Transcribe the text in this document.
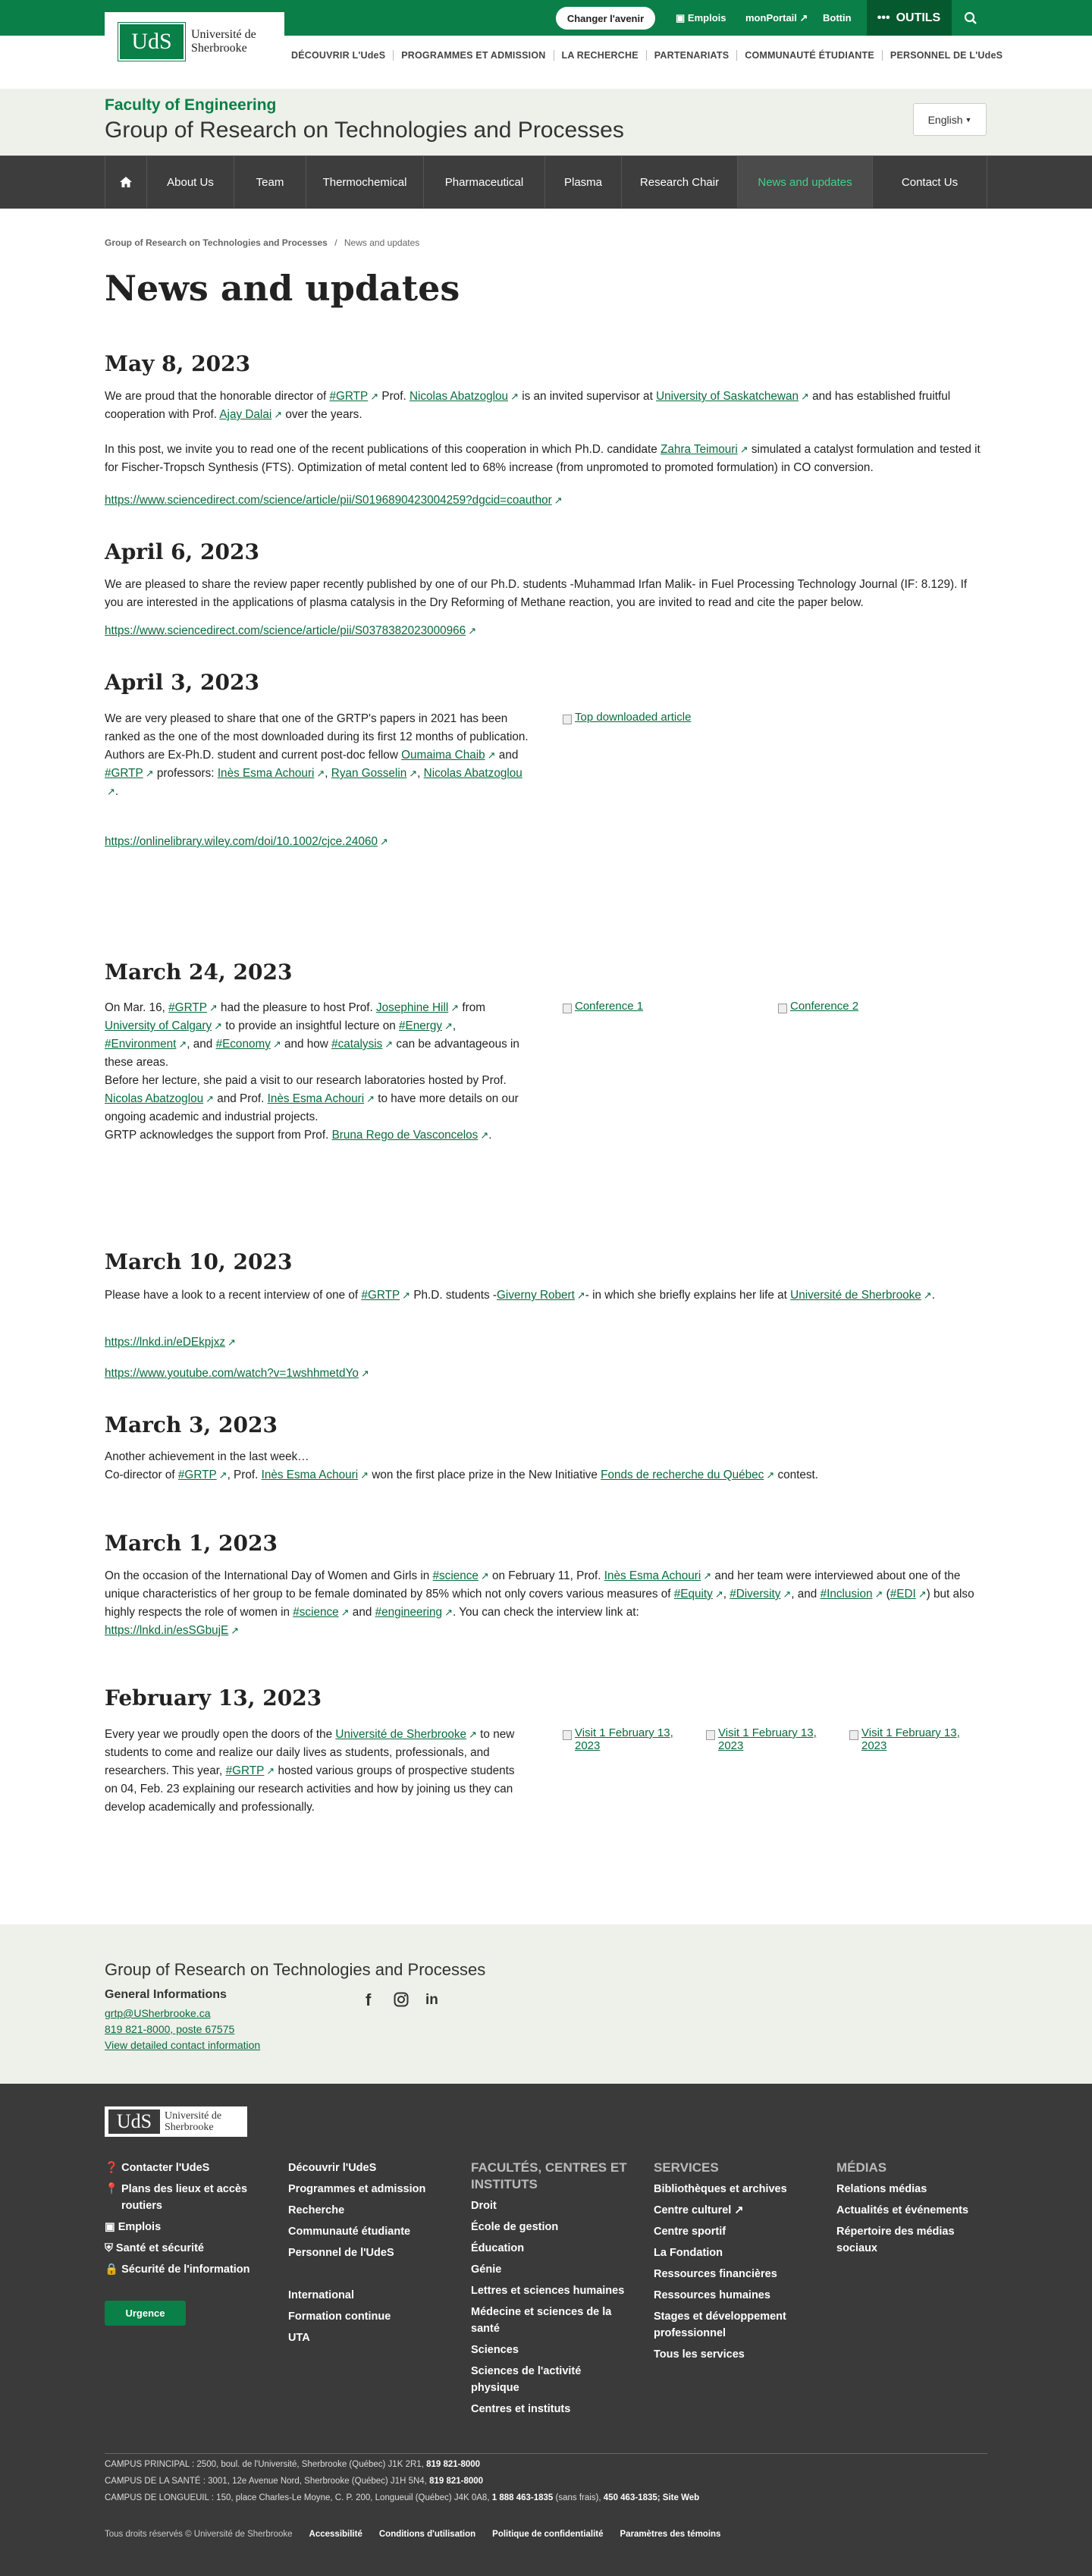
Changer l'avenir	▣ Emplois monPortail ↗ Bottin ••• OUTILS
UdS	Université de
Sherbrooke
DÉCOUVRIR L'UdeS	PROGRAMMES ET ADMISSION	LA RECHERCHE	PARTENARIATS	COMMUNAUTÉ ÉTUDIANTE	PERSONNEL DE L'UdeS
Faculty of Engineering
Group of Research on Technologies and Processes	English ▼
About Us	Team	Thermochemical	Pharmaceutical	Plasma	Research Chair	News and updates	Contact Us
Group of Research on Technologies and Processes / News and updates
News and updates
May 8, 2023
We are proud that the honorable director of #GRTP ↗ Prof. Nicolas Abatzoglou ↗ is an invited supervisor at University of Saskatchewan ↗ and has established fruitful cooperation with Prof. Ajay Dalai ↗ over the years.
In this post, we invite you to read one of the recent publications of this cooperation in which Ph.D. candidate Zahra Teimouri ↗ simulated a catalyst formulation and tested it for Fischer-Tropsch Synthesis (FTS). Optimization of metal content led to 68% increase (from unpromoted to promoted formulation) in CO conversion.
https://www.sciencedirect.com/science/article/pii/S0196890423004259?dgcid=coauthor ↗
April 6, 2023
We are pleased to share the review paper recently published by one of our Ph.D. students -Muhammad Irfan Malik- in Fuel Processing Technology Journal (IF: 8.129). If you are interested in the applications of plasma catalysis in the Dry Reforming of Methane reaction, you are invited to read and cite the paper below.
https://www.sciencedirect.com/science/article/pii/S0378382023000966 ↗
April 3, 2023
We are very pleased to share that one of the GRTP's papers in 2021 has been ranked as the one of the most downloaded during its first 12 months of publication.
Authors are Ex-Ph.D. student and current post-doc fellow Oumaima Chaib ↗ and #GRTP ↗ professors: Inès Esma Achouri ↗, Ryan Gosselin ↗, Nicolas Abatzoglou↗.
https://onlinelibrary.wiley.com/doi/10.1002/cjce.24060 ↗
Top downloaded article
March 24, 2023
On Mar. 16, #GRTP ↗ had the pleasure to host Prof. Josephine Hill ↗ from University of Calgary ↗ to provide an insightful lecture on #Energy ↗, #Environment ↗, and #Economy ↗ and how #catalysis ↗ can be advantageous in these areas.
Before her lecture, she paid a visit to our research laboratories hosted by Prof. Nicolas Abatzoglou ↗ and Prof. Inès Esma Achouri ↗ to have more details on our ongoing academic and industrial projects.
GRTP acknowledges the support from Prof. Bruna Rego de Vasconcelos ↗.
Conference 1	Conference 2
March 10, 2023
Please have a look to a recent interview of one of #GRTP ↗ Ph.D. students -Giverny Robert ↗- in which she briefly explains her life at Université de Sherbrooke ↗.
https://lnkd.in/eDEkpjxz ↗
https://www.youtube.com/watch?v=1wshhmetdYo ↗
March 3, 2023
Another achievement in the last week…
Co-director of #GRTP ↗, Prof. Inès Esma Achouri ↗ won the first place prize in the New Initiative Fonds de recherche du Québec ↗ contest.
March 1, 2023
On the occasion of the International Day of Women and Girls in #science ↗ on February 11, Prof. Inès Esma Achouri ↗ and her team were interviewed about one of the unique characteristics of her group to be female dominated by 85% which not only covers various measures of #Equity ↗, #Diversity ↗, and #Inclusion ↗ (#EDI ↗) but also highly respects the role of women in #science ↗ and #engineering ↗. You can check the interview link at:
https://lnkd.in/esSGbujE ↗
February 13, 2023
Every year we proudly open the doors of the Université de Sherbrooke ↗ to new students to come and realize our daily lives as students, professionals, and researchers. This year, #GRTP ↗ hosted various groups of prospective students on 04, Feb. 23 explaining our research activities and how by joining us they can develop academically and professionally.
Visit 1 February 13, 2023
Visit 1 February 13, 2023
Visit 1 February 13, 2023
Group of Research on Technologies and Processes
General Informations
grtp@USherbrooke.ca
819 821-8000, poste 67575
View detailed contact information
f	in
UdS	Université de
Sherbrooke
❓ Contacter l'UdeS
📍 Plans des lieux et accès routiers
▣ Emplois
⛨ Santé et sécurité
🔒 Sécurité de l'information
Urgence
Découvrir l'UdeS
Programmes et admission
Recherche
Communauté étudiante
Personnel de l'UdeS
International
Formation continue
UTA
FACULTÉS, CENTRES ET INSTITUTS
Droit
École de gestion
Éducation
Génie
Lettres et sciences humaines
Médecine et sciences de la santé
Sciences
Sciences de l'activité physique
Centres et instituts
SERVICES
Bibliothèques et archives
Centre culturel ↗
Centre sportif
La Fondation
Ressources financières
Ressources humaines
Stages et développement professionnel
Tous les services
MÉDIAS
Relations médias
Actualités et événements
Répertoire des médias sociaux
CAMPUS PRINCIPAL : 2500, boul. de l'Université, Sherbrooke (Québec) J1K 2R1, 819 821-8000
CAMPUS DE LA SANTÉ : 3001, 12e Avenue Nord, Sherbrooke (Québec) J1H 5N4, 819 821-8000
CAMPUS DE LONGUEUIL : 150, place Charles-Le Moyne, C. P. 200, Longueuil (Québec) J4K 0A8, 1 888 463-1835 (sans frais), 450 463-1835; Site Web
Tous droits réservés © Université de Sherbrooke Accessibilité Conditions d'utilisation Politique de confidentialité Paramètres des témoins
